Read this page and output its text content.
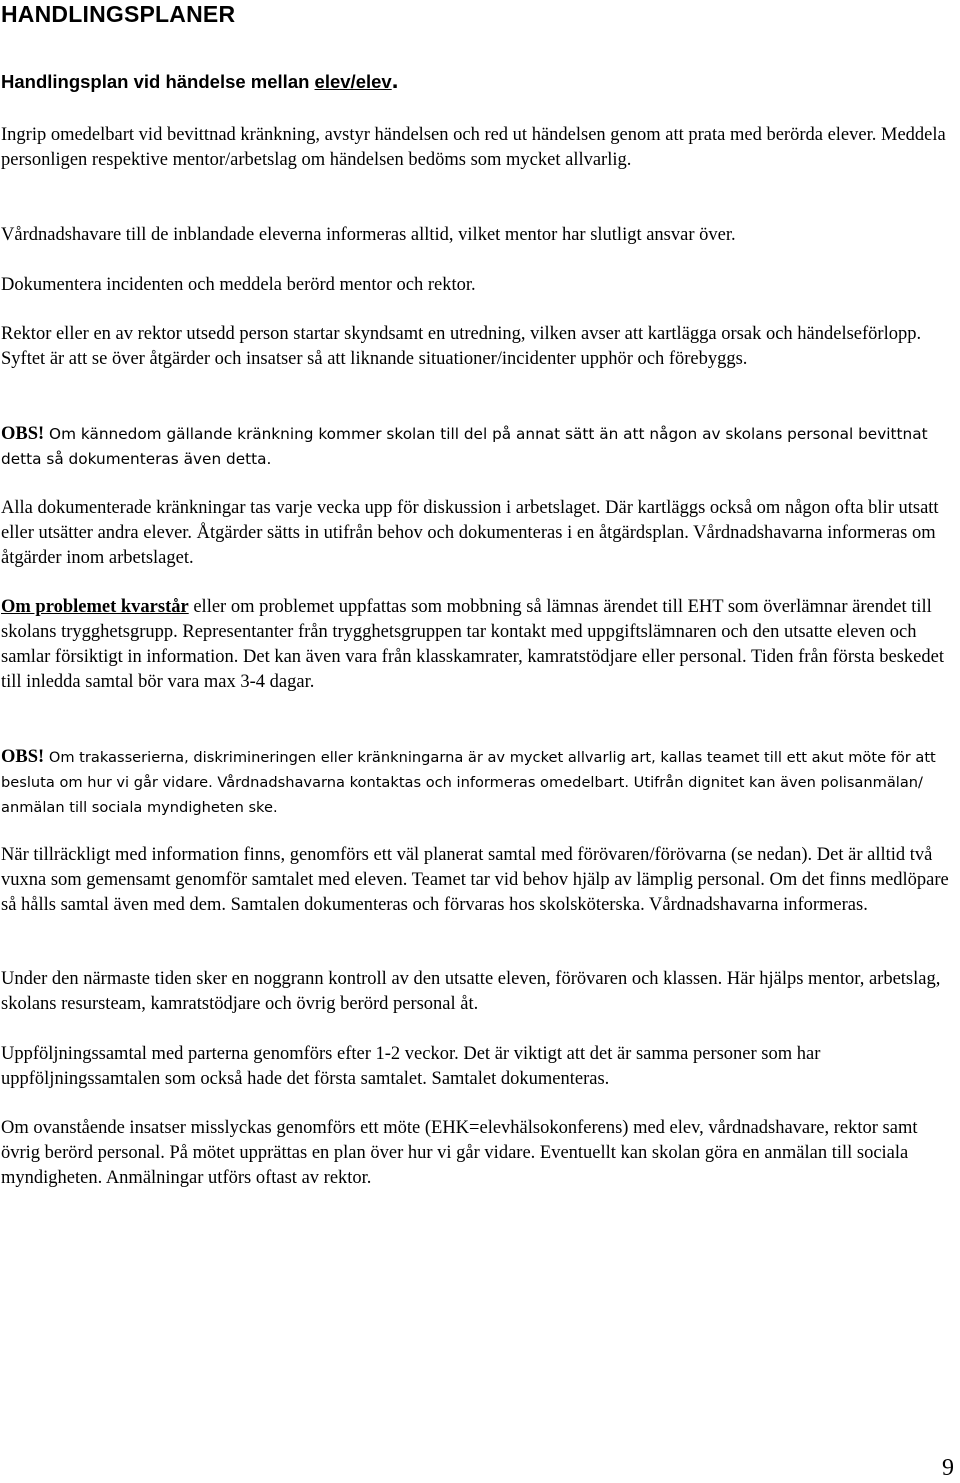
HANDLINGSPLANER
Handlingsplan vid händelse mellan elev/elev.

Ingrip omedelbart vid bevittnad kränkning, avstyr händelsen och red ut händelsen genom att prata med berörda elever. Meddela personligen respektive mentor/arbetslag om händelsen bedöms som mycket allvarlig.

Vårdnadshavare till de inblandade eleverna informeras alltid, vilket mentor har slutligt ansvar över.

Dokumentera incidenten och meddela berörd mentor och rektor.

Rektor eller en av rektor utsedd person startar skyndsamt en utredning, vilken avser att kartlägga orsak och händelseförlopp. Syftet är att se över åtgärder och insatser så att liknande situationer/incidenter upphör och förebyggs.

OBS! Om kännedom gällande kränkning kommer skolan till del på annat sätt än att någon av skolans personal bevittnat detta så dokumenteras även detta.

Alla dokumenterade kränkningar tas varje vecka upp för diskussion i arbetslaget. Där kartläggs också om någon ofta blir utsatt eller utsätter andra elever. Åtgärder sätts in utifrån behov och dokumenteras i en åtgärdsplan. Vårdnadshavarna informeras om åtgärder inom arbetslaget.

Om problemet kvarstår eller om problemet uppfattas som mobbning så lämnas ärendet till EHT som överlämnar ärendet till skolans trygghetsgrupp. Representanter från trygghetsgruppen tar kontakt med uppgiftslämnaren och den utsatte eleven och samlar försiktigt in information. Det kan även vara från klasskamrater, kamratstödjare eller personal. Tiden från första beskedet till inledda samtal bör vara max 3-4 dagar.

OBS! Om trakasserierna, diskrimineringen eller kränkningarna är av mycket allvarlig art, kallas teamet till ett akut möte för att besluta om hur vi går vidare. Vårdnadshavarna kontaktas och informeras omedelbart. Utifrån dignitet kan även polisanmälan/ anmälan till sociala myndigheten ske.

När tillräckligt med information finns, genomförs ett väl planerat samtal med förövaren/förövarna (se nedan). Det är alltid två vuxna som gemensamt genomför samtalet med eleven. Teamet tar vid behov hjälp av lämplig personal. Om det finns medlöpare så hålls samtal även med dem. Samtalen dokumenteras och förvaras hos skolsköterska. Vårdnadshavarna informeras.

Under den närmaste tiden sker en noggrann kontroll av den utsatte eleven, förövaren och klassen. Här hjälps mentor, arbetslag, skolans resursteam, kamratstödjare och övrig berörd personal åt.

Uppföljningssamtal med parterna genomförs efter 1-2 veckor. Det är viktigt att det är samma personer som har uppföljningssamtalen som också hade det första samtalet. Samtalet dokumenteras.

Om ovanstående insatser misslyckas genomförs ett möte (EHK=elevhälsokonferens) med elev, vårdnadshavare, rektor samt övrig berörd personal. På mötet upprättas en plan över hur vi går vidare. Eventuellt kan skolan göra en anmälan till sociala myndigheten. Anmälningar utförs oftast av rektor.

9
